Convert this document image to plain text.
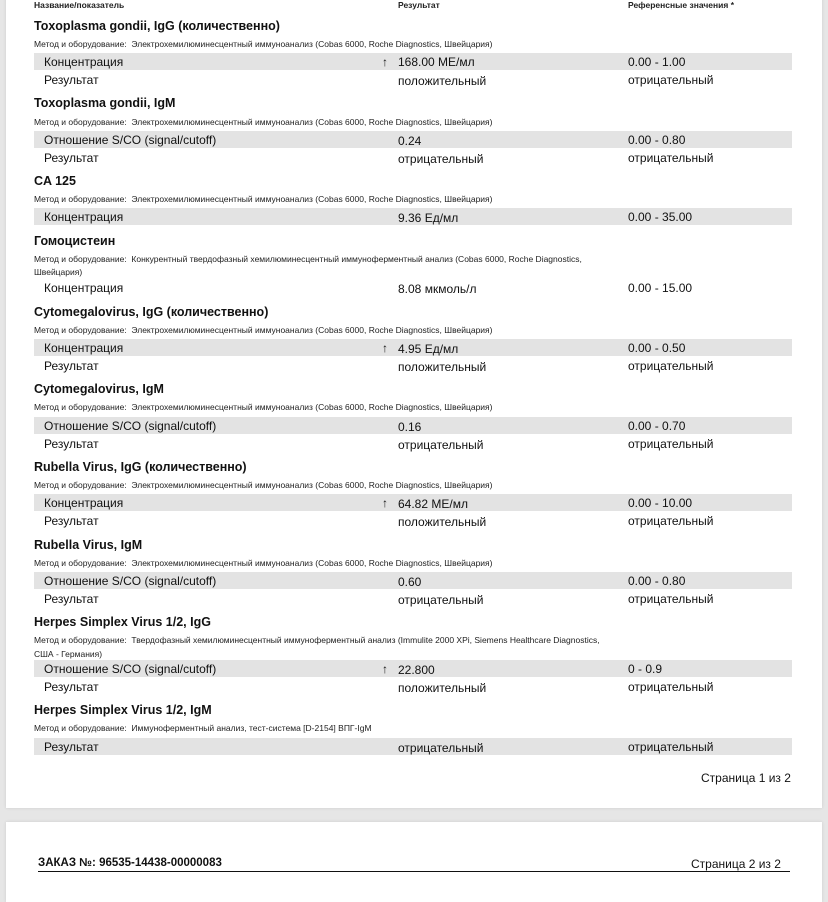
Название/показатель	Результат	Референсные значения *
Toxoplasma gondii, IgG (количественно)
Метод и оборудование: Электрохемилюминесцентный иммуноанализ (Cobas 6000, Roche Diagnostics, Швейцария)
Концентрация	↑ 168.00 МЕ/мл	0.00 - 1.00
Результат	положительный	отрицательный
Toxoplasma gondii, IgM
Метод и оборудование: Электрохемилюминесцентный иммуноанализ (Cobas 6000, Roche Diagnostics, Швейцария)
Отношение S/CO (signal/cutoff)	0.24	0.00 - 0.80
Результат	отрицательный	отрицательный
CA 125
Метод и оборудование: Электрохемилюминесцентный иммуноанализ (Cobas 6000, Roche Diagnostics, Швейцария)
Концентрация	9.36 Ед/мл	0.00 - 35.00
Гомоцистеин
Метод и оборудование: Конкурентный твердофазный хемилюминесцентный иммуноферментный анализ (Cobas 6000, Roche Diagnostics,
Швейцария)
Концентрация	8.08 мкмоль/л	0.00 - 15.00
Cytomegalovirus, IgG (количественно)
Метод и оборудование: Электрохемилюминесцентный иммуноанализ (Cobas 6000, Roche Diagnostics, Швейцария)
Концентрация	↑ 4.95 Ед/мл	0.00 - 0.50
Результат	положительный	отрицательный
Cytomegalovirus, IgM
Метод и оборудование: Электрохемилюминесцентный иммуноанализ (Cobas 6000, Roche Diagnostics, Швейцария)
Отношение S/CO (signal/cutoff)	0.16	0.00 - 0.70
Результат	отрицательный	отрицательный
Rubella Virus, IgG (количественно)
Метод и оборудование: Электрохемилюминесцентный иммуноанализ (Cobas 6000, Roche Diagnostics, Швейцария)
Концентрация	↑ 64.82 МЕ/мл	0.00 - 10.00
Результат	положительный	отрицательный
Rubella Virus, IgM
Метод и оборудование: Электрохемилюминесцентный иммуноанализ (Cobas 6000, Roche Diagnostics, Швейцария)
Отношение S/CO (signal/cutoff)	0.60	0.00 - 0.80
Результат	отрицательный	отрицательный
Herpes Simplex Virus 1/2, IgG
Метод и оборудование: Твердофазный хемилюминесцентный иммуноферментный анализ (Immulite 2000 XPi, Siemens Healthcare Diagnostics,
США - Германия)
Отношение S/CO (signal/cutoff)	↑ 22.800	0 - 0.9
Результат	положительный	отрицательный
Herpes Simplex Virus 1/2, IgM
Метод и оборудование: Иммуноферментный анализ, тест-система [D-2154] ВПГ-IgM
Результат	отрицательный	отрицательный
Страница 1 из 2
ЗАКАЗ №: 96535-14438-00000083	Страница 2 из 2
